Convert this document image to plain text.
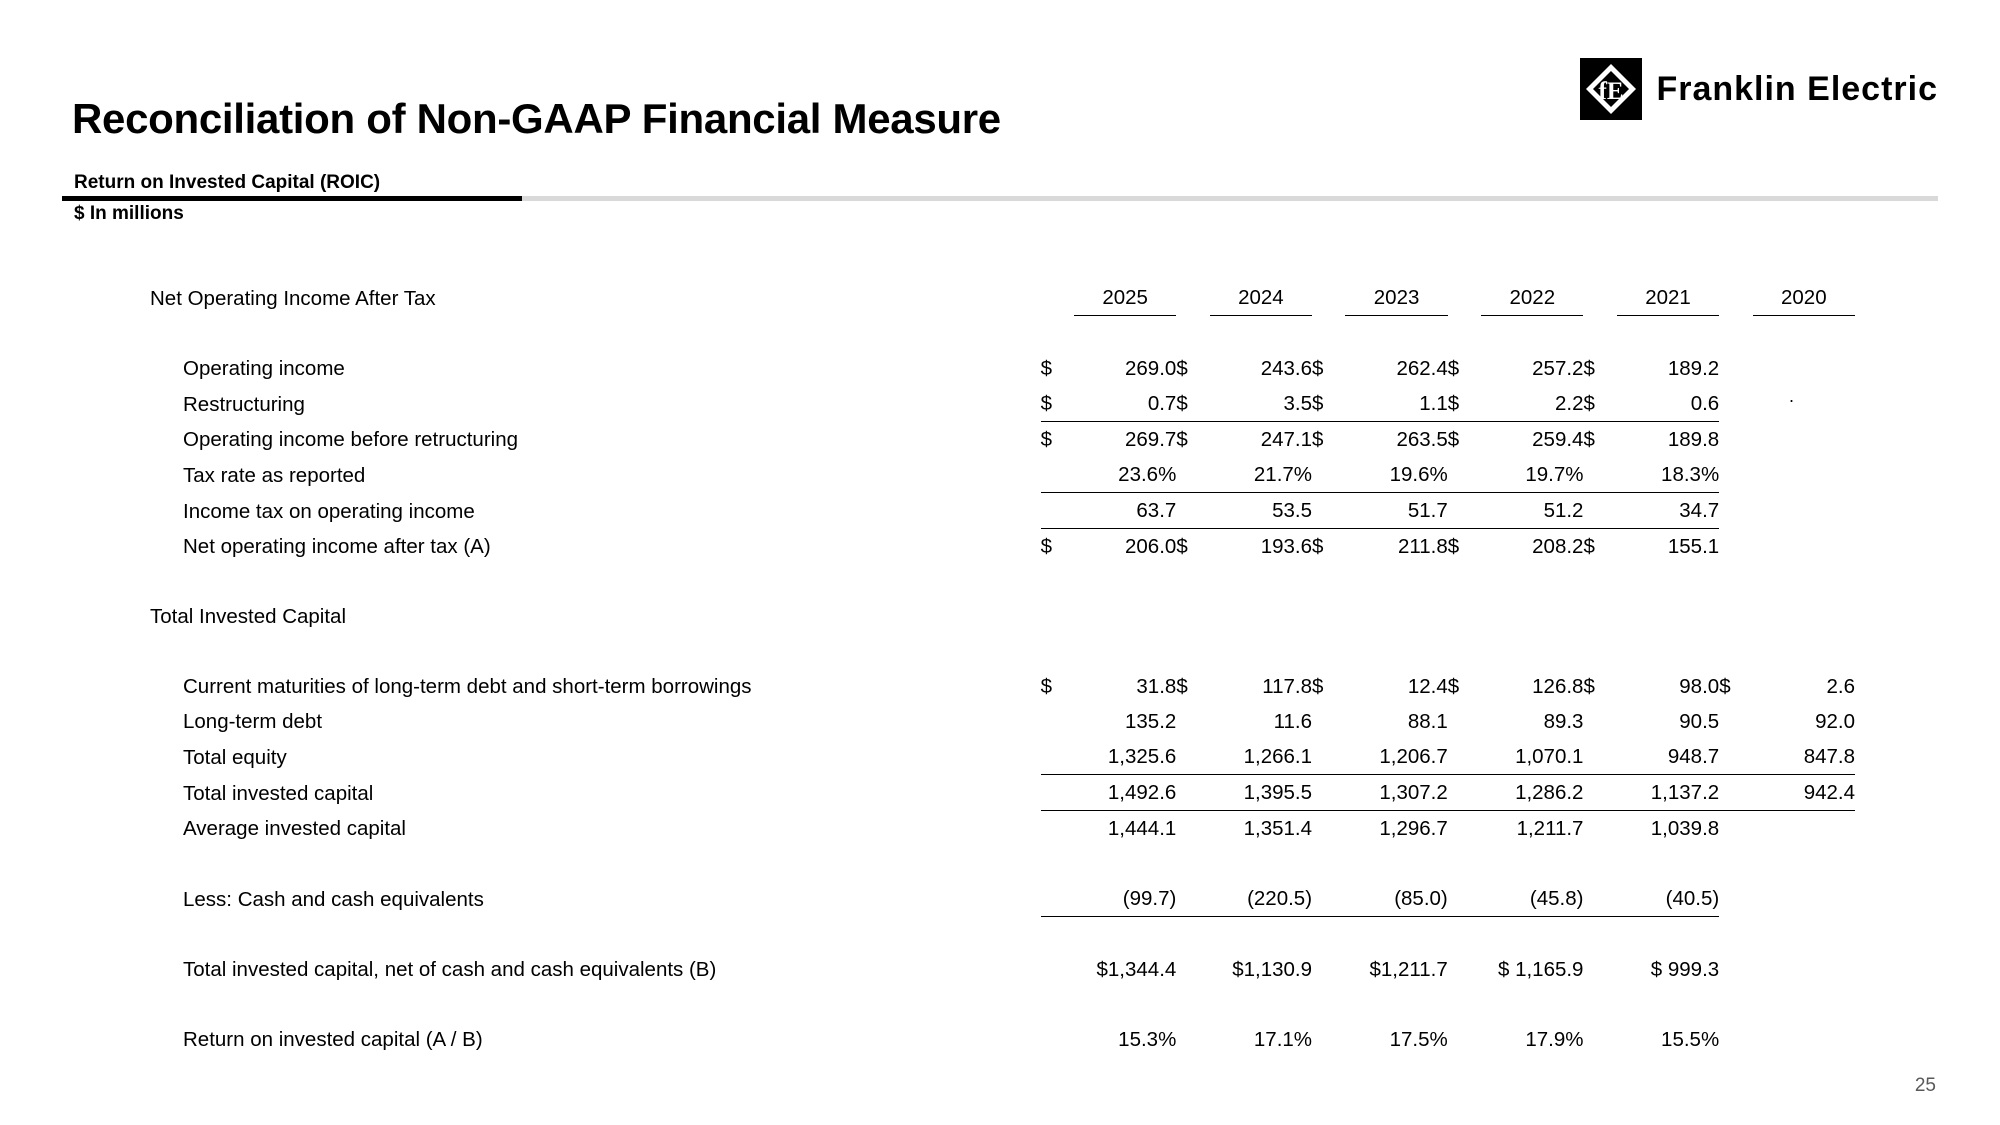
Reconciliation of Non-GAAP Financial Measure
Return on Invested Capital (ROIC)
$ In millions
fE Franklin Electric
.
Net Operating Income After Tax		2025		2024		2023		2022		2021		2020

Operating income	$	269.0	$	243.6	$	262.4	$	257.2	$	189.2		
Restructuring	$	0.7	$	3.5	$	1.1	$	2.2	$	0.6		
Operating income before retructuring	$	269.7	$	247.1	$	263.5	$	259.4	$	189.8		
Tax rate as reported		23.6%		21.7%		19.6%		19.7%		18.3%		
Income tax on operating income		63.7		53.5		51.7		51.2		34.7		
Net operating income after tax (A)	$	206.0	$	193.6	$	211.8	$	208.2	$	155.1		

Total Invested Capital												

Current maturities of long-term debt and short-term borrowings	$	31.8	$	117.8	$	12.4	$	126.8	$	98.0	$	2.6
Long-term debt		135.2		11.6		88.1		89.3		90.5		92.0
Total equity		1,325.6		1,266.1		1,206.7		1,070.1		948.7		847.8
Total invested capital		1,492.6		1,395.5		1,307.2		1,286.2		1,137.2		942.4
Average invested capital		1,444.1		1,351.4		1,296.7		1,211.7		1,039.8		

Less: Cash and cash equivalents		(99.7)		(220.5)		(85.0)		(45.8)		(40.5)		

Total invested capital, net of cash and cash equivalents (B)		$1,344.4		$1,130.9		$1,211.7		$ 1,165.9		$ 999.3		

Return on invested capital (A / B)		15.3%		17.1%		17.5%		17.9%		15.5%		
25
